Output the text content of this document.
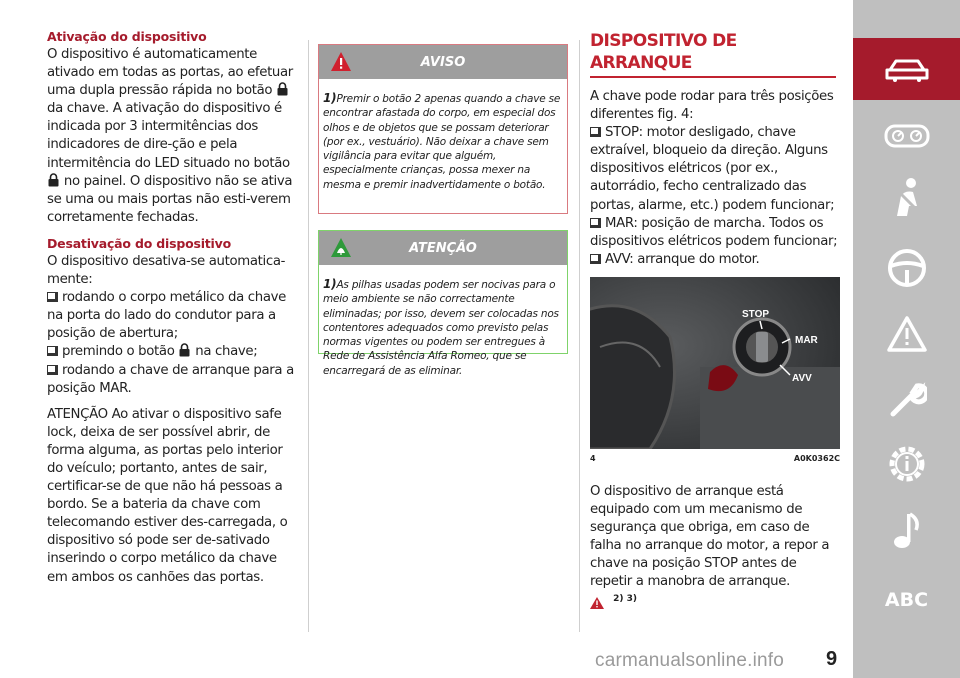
Ativação do dispositivo

O dispositivo é automaticamente ativado em todas as portas, ao efetuar uma dupla pressão rápida no botão  da chave. A ativação do dispositivo é indicada por 3 intermitências dos indicadores de dire-ção e pela intermitência do LED situado no botão  no painel. O dispositivo não se ativa se uma ou mais portas não esti-verem corretamente fechadas.

Desativação do dispositivo

O dispositivo desativa-se automatica-mente:

rodando o corpo metálico da chave na porta do lado do condutor para a posição de abertura;

premindo o botão na chave;

rodando a chave de arranque para a posição MAR.

ATENÇÃO Ao ativar o dispositivo safe lock, deixa de ser possível abrir, de forma alguma, as portas pelo interior do veículo; portanto, antes de sair, certificar-se de que não há pessoas a bordo. Se a bateria da chave com telecomando estiver des-carregada, o dispositivo só pode ser de-sativado inserindo o corpo metálico da chave em ambos os canhões das portas.

AVISO
1)Premir o botão 2 apenas quando a chave se encontrar afastada do corpo, em especial dos olhos e de objetos que se possam deteriorar (por ex., vestuário). Não deixar a chave sem vigilância para evitar que alguém, especialmente crianças, possa mexer na mesma e premir inadvertidamente o botão.
ATENÇÃO
1)As pilhas usadas podem ser nocivas para o meio ambiente se não correctamente eliminadas; por isso, devem ser colocadas nos contentores adequados como previsto pelas normas vigentes ou podem ser entregues à Rede de Assistência Alfa Romeo, que se encarregará de as eliminar.
DISPOSITIVO DE ARRANQUE

A chave pode rodar para três posições diferentes fig. 4:

STOP: motor desligado, chave extraível, bloqueio da direção. Alguns dispositivos elétricos (por ex., autorrádio, fecho centralizado das portas, alarme, etc.) podem funcionar;

MAR: posição de marcha. Todos os dispositivos elétricos podem funcionar;

AVV: arranque do motor.

STOP
MAR
AVV
4	A0K0362C

O dispositivo de arranque está equipado com um mecanismo de segurança que obriga, em caso de falha no arranque do motor, a repor a chave na posição STOP antes de repetir a manobra de arranque.

$^{2) 3)}$	ABC
carmanualsonline.info 9
